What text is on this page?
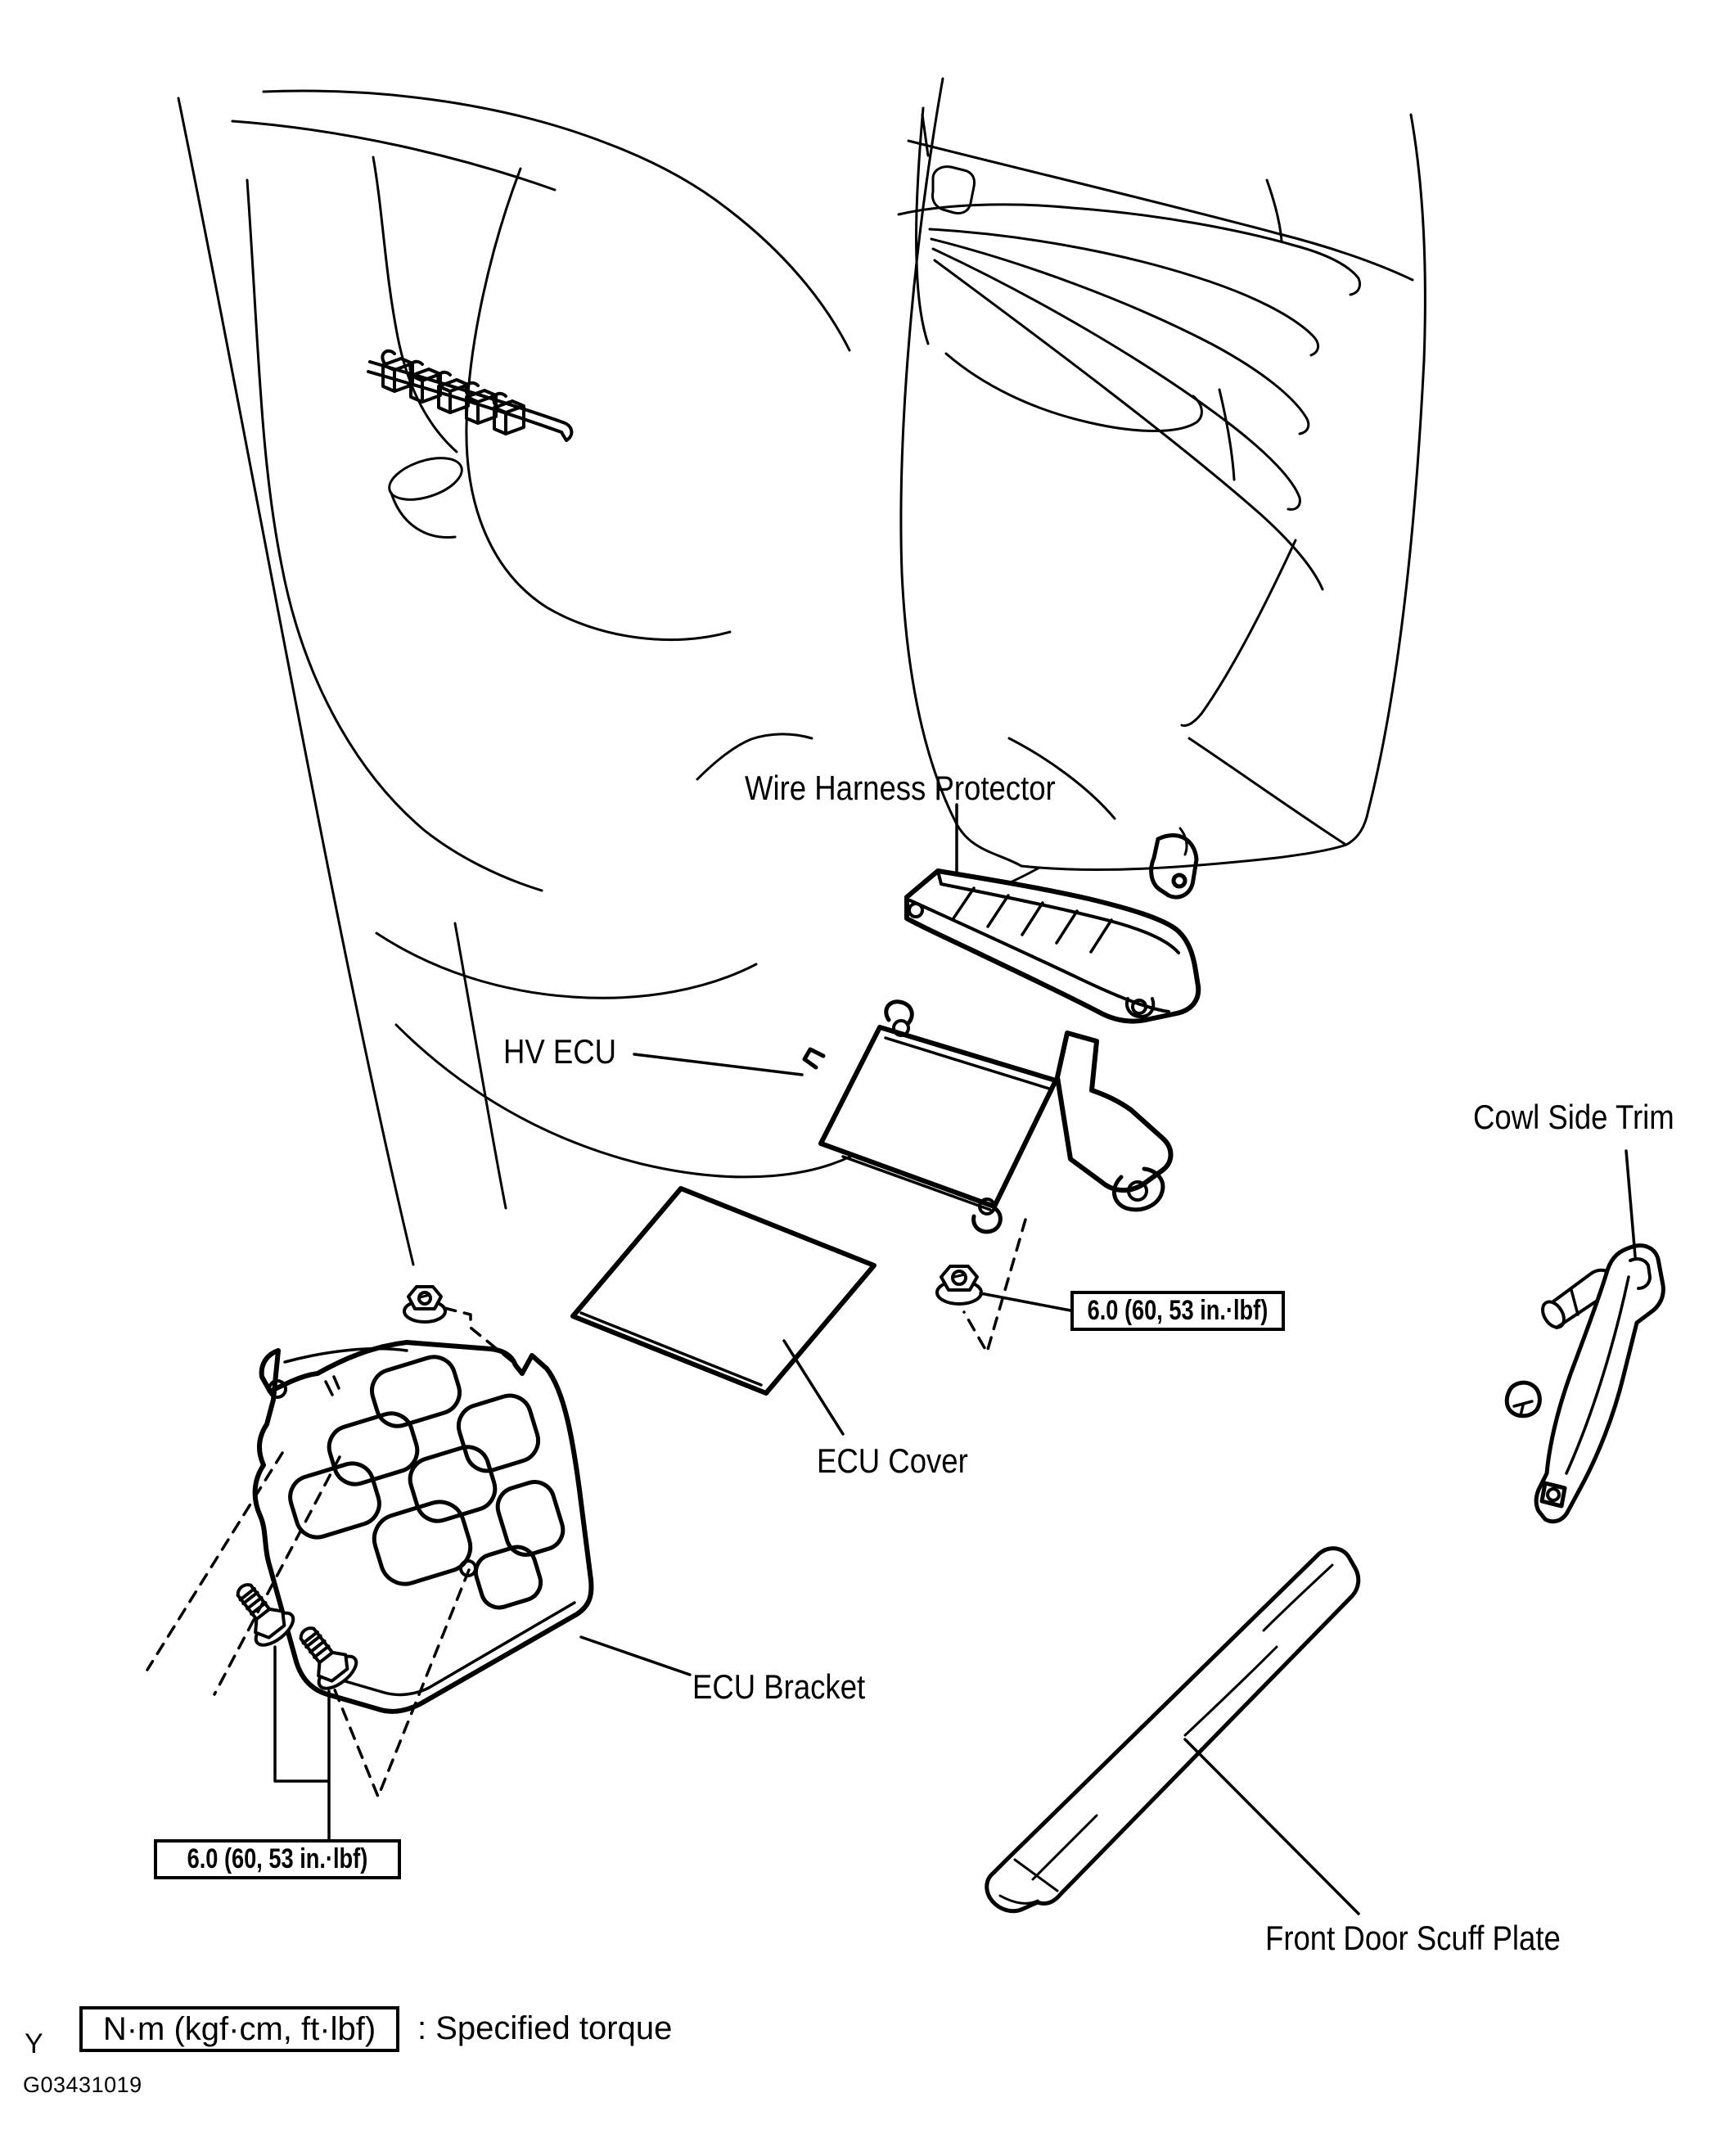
Wire Harness Protector
HV ECU
Cowl Side Trim
ECU Cover
ECU Bracket
Front Door Scuff Plate
6.0 (60, 53 in.·lbf)
6.0 (60, 53 in.·lbf)
Y N·m (kgf·cm, ft·lbf) : Specified torque
G03431019
